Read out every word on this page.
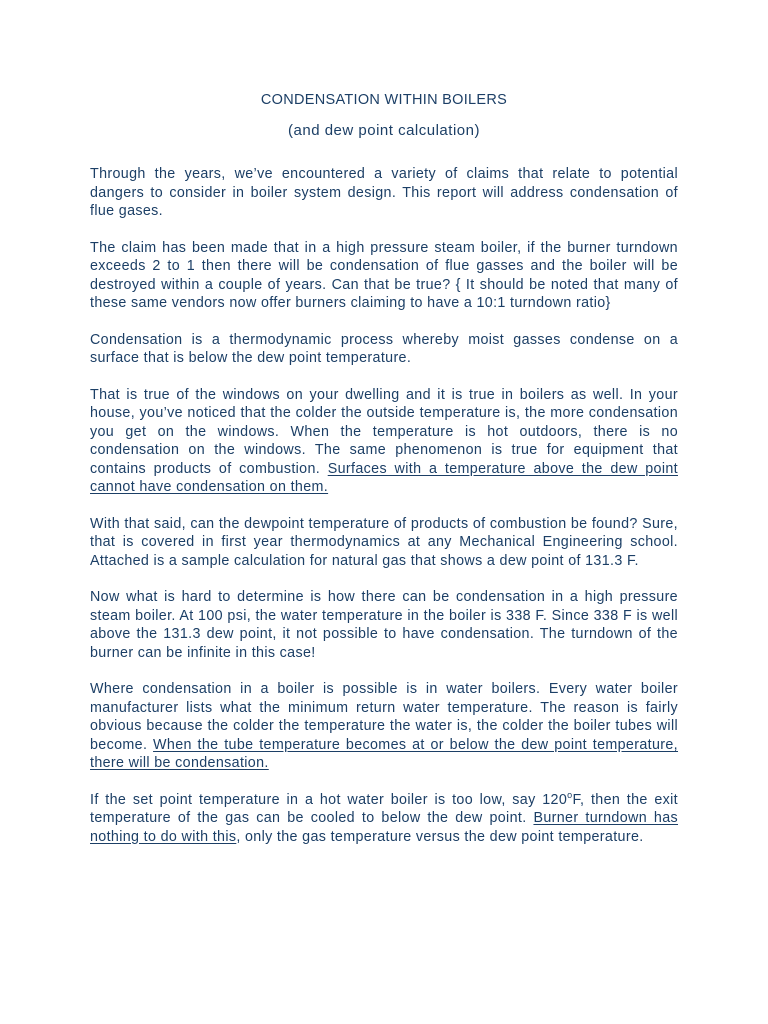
CONDENSATION WITHIN BOILERS
(and dew point calculation)

Through the years, we’ve encountered a variety of claims that relate to potential dangers to consider in boiler system design. This report will address condensation of flue gases.

The claim has been made that in a high pressure steam boiler, if the burner turndown exceeds 2 to 1 then there will be condensation of flue gasses and the boiler will be destroyed within a couple of years. Can that be true? { It should be noted that many of these same vendors now offer burners claiming to have a 10:1 turndown ratio}

Condensation is a thermodynamic process whereby moist gasses condense on a surface that is below the dew point temperature.

That is true of the windows on your dwelling and it is true in boilers as well. In your house, you’ve noticed that the colder the outside temperature is, the more condensation you get on the windows. When the temperature is hot outdoors, there is no condensation on the windows. The same phenomenon is true for equipment that contains products of combustion. Surfaces with a temperature above the dew point cannot have condensation on them.

With that said, can the dewpoint temperature of products of combustion be found? Sure, that is covered in first year thermodynamics at any Mechanical Engineering school. Attached is a sample calculation for natural gas that shows a dew point of 131.3 F.

Now what is hard to determine is how there can be condensation in a high pressure steam boiler. At 100 psi, the water temperature in the boiler is 338 F. Since 338 F is well above the 131.3 dew point, it not possible to have condensation. The turndown of the burner can be infinite in this case!

Where condensation in a boiler is possible is in water boilers. Every water boiler manufacturer lists what the minimum return water temperature. The reason is fairly obvious because the colder the temperature the water is, the colder the boiler tubes will become. When the tube temperature becomes at or below the dew point temperature, there will be condensation.

If the set point temperature in a hot water boiler is too low, say 120$^o$F, then the exit temperature of the gas can be cooled to below the dew point. Burner turndown has nothing to do with this, only the gas temperature versus the dew point temperature.
